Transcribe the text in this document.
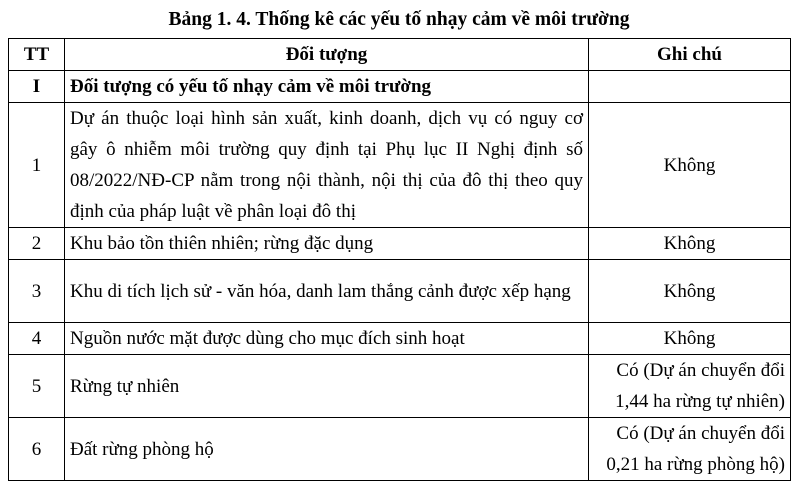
Bảng 1. 4. Thống kê các yếu tố nhạy cảm về môi trường
TT	Đối tượng	Ghi chú
I	Đối tượng có yếu tố nhạy cảm về môi trường	
1	Dự án thuộc loại hình sản xuất, kinh doanh, dịch vụ có nguy cơ gây ô nhiễm môi trường quy định tại Phụ lục II Nghị định số 08/2022/NĐ-CP nằm trong nội thành, nội thị của đô thị theo quy định của pháp luật về phân loại đô thị	Không
2	Khu bảo tồn thiên nhiên; rừng đặc dụng	Không
3	Khu di tích lịch sử - văn hóa, danh lam thắng cảnh được xếp hạng	Không
4	Nguồn nước mặt được dùng cho mục đích sinh hoạt	Không
5	Rừng tự nhiên	Có (Dự án chuyển đổi 1,44 ha rừng tự nhiên)
6	Đất rừng phòng hộ	Có (Dự án chuyển đổi 0,21 ha rừng phòng hộ)
